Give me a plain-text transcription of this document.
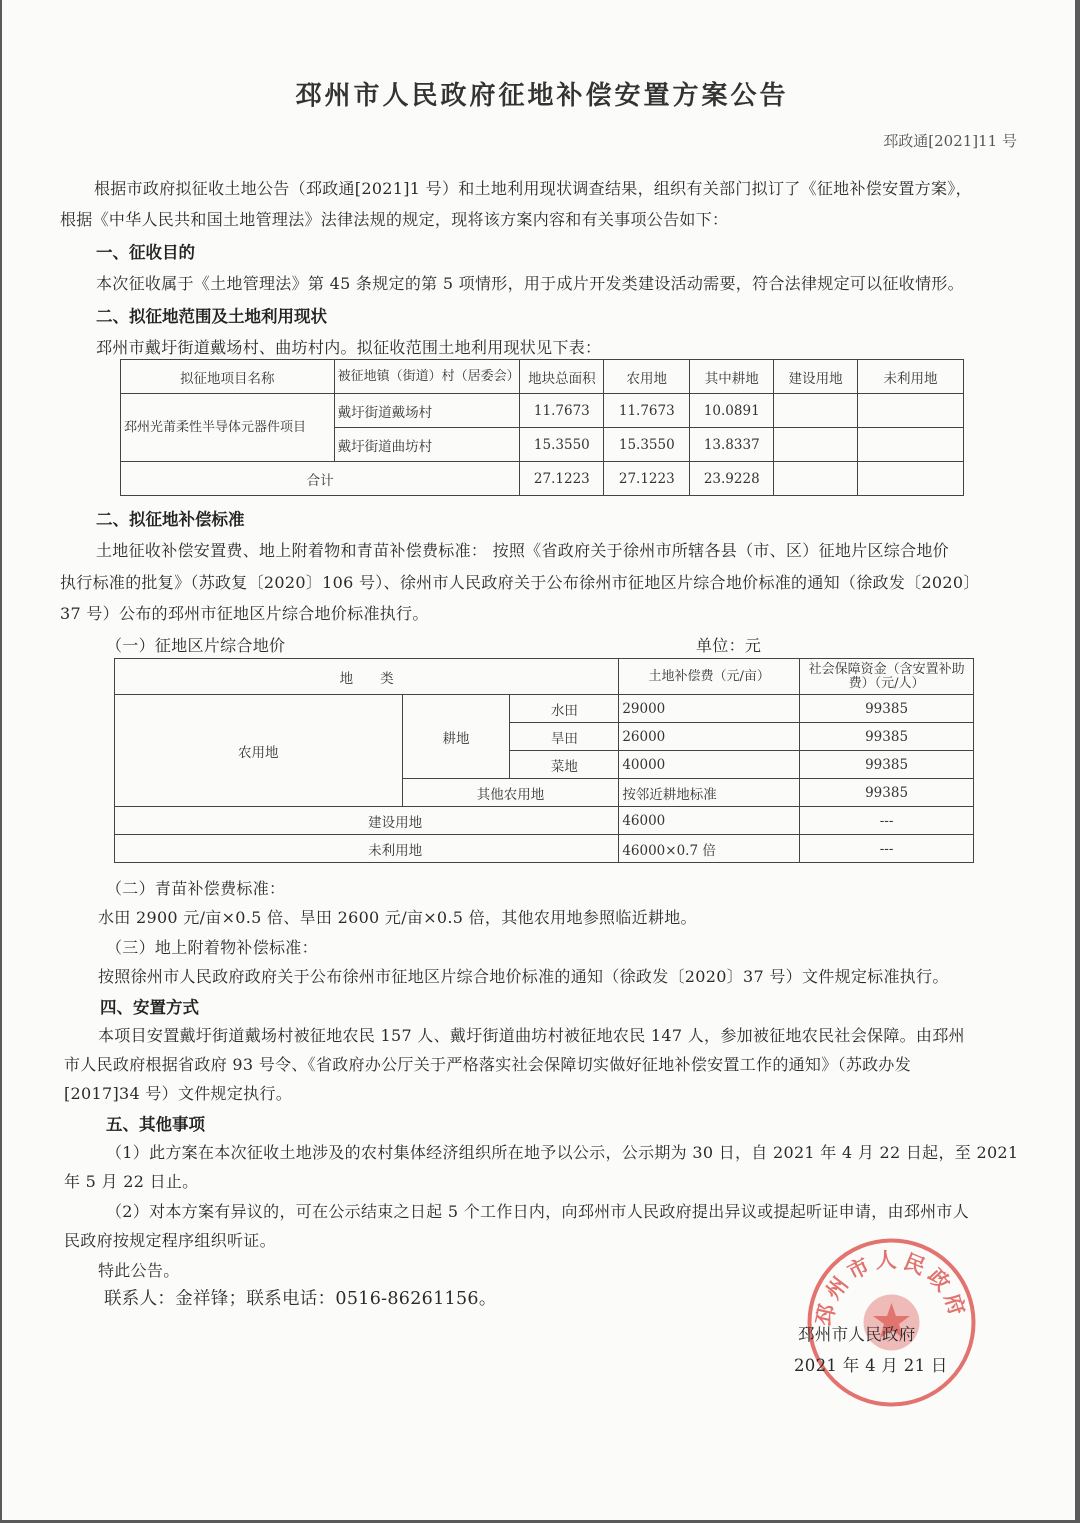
邳州市人民政府征地补偿安置方案公告
邳政通[2021]11 号
根据市政府拟征收土地公告（邳政通[2021]1 号）和土地利用现状调查结果，组织有关部门拟订了《征地补偿安置方案》，
根据《中华人民共和国土地管理法》法律法规的规定，现将该方案内容和有关事项公告如下：
一、征收目的
本次征收属于《土地管理法》第 45 条规定的第 5 项情形，用于成片开发类建设活动需要，符合法律规定可以征收情形。
二、拟征地范围及土地利用现状
邳州市戴圩街道戴场村、曲坊村内。拟征收范围土地利用现状见下表：
拟征地项目名称	被征地镇（街道）村（居委会）	地块总面积	农用地	其中耕地	建设用地	未利用地
邳州光莆柔性半导体元器件项目	戴圩街道戴场村	11.7673	11.7673	10.0891		
	戴圩街道曲坊村	15.3550	15.3550	13.8337		
合计		27.1223	27.1223	23.9228		
二、拟征地补偿标准
土地征收补偿安置费、地上附着物和青苗补偿费标准： 按照《省政府关于徐州市所辖各县（市、区）征地片区综合地价
执行标准的批复》（苏政复〔2020〕106 号）、徐州市人民政府关于公布徐州市征地区片综合地价标准的通知（徐政发〔2020〕
37 号）公布的邳州市征地区片综合地价标准执行。
（一）征地区片综合地价	单位：元
地　　类			土地补偿费（元/亩）	社会保障资金（含安置补助费）（元/人）
农用地	耕地	水田	29000	99385
		旱田	26000	99385
		菜地	40000	99385
	其他农用地		按邻近耕地标准	99385
建设用地			46000	---
未利用地			46000×0.7 倍	---
（二）青苗补偿费标准：
水田 2900 元/亩×0.5 倍、旱田 2600 元/亩×0.5 倍，其他农用地参照临近耕地。
（三）地上附着物补偿标准：
按照徐州市人民政府政府关于公布徐州市征地区片综合地价标准的通知（徐政发〔2020〕37 号）文件规定标准执行。
四、安置方式
本项目安置戴圩街道戴场村被征地农民 157 人、戴圩街道曲坊村被征地农民 147 人，参加被征地农民社会保障。由邳州
市人民政府根据省政府 93 号令、《省政府办公厅关于严格落实社会保障切实做好征地补偿安置工作的通知》（苏政办发
[2017]34 号）文件规定执行。
五、其他事项
（1）此方案在本次征收土地涉及的农村集体经济组织所在地予以公示，公示期为 30 日，自 2021 年 4 月 22 日起，至 2021
年 5 月 22 日止。
（2）对本方案有异议的，可在公示结束之日起 5 个工作日内，向邳州市人民政府提出异议或提起听证申请，由邳州市人
民政府按规定程序组织听证。
特此公告。
联系人：金祥锋；联系电话：0516-86261156。	邳州市人民政府
邳州市人民政府
2021 年 4 月 21 日
